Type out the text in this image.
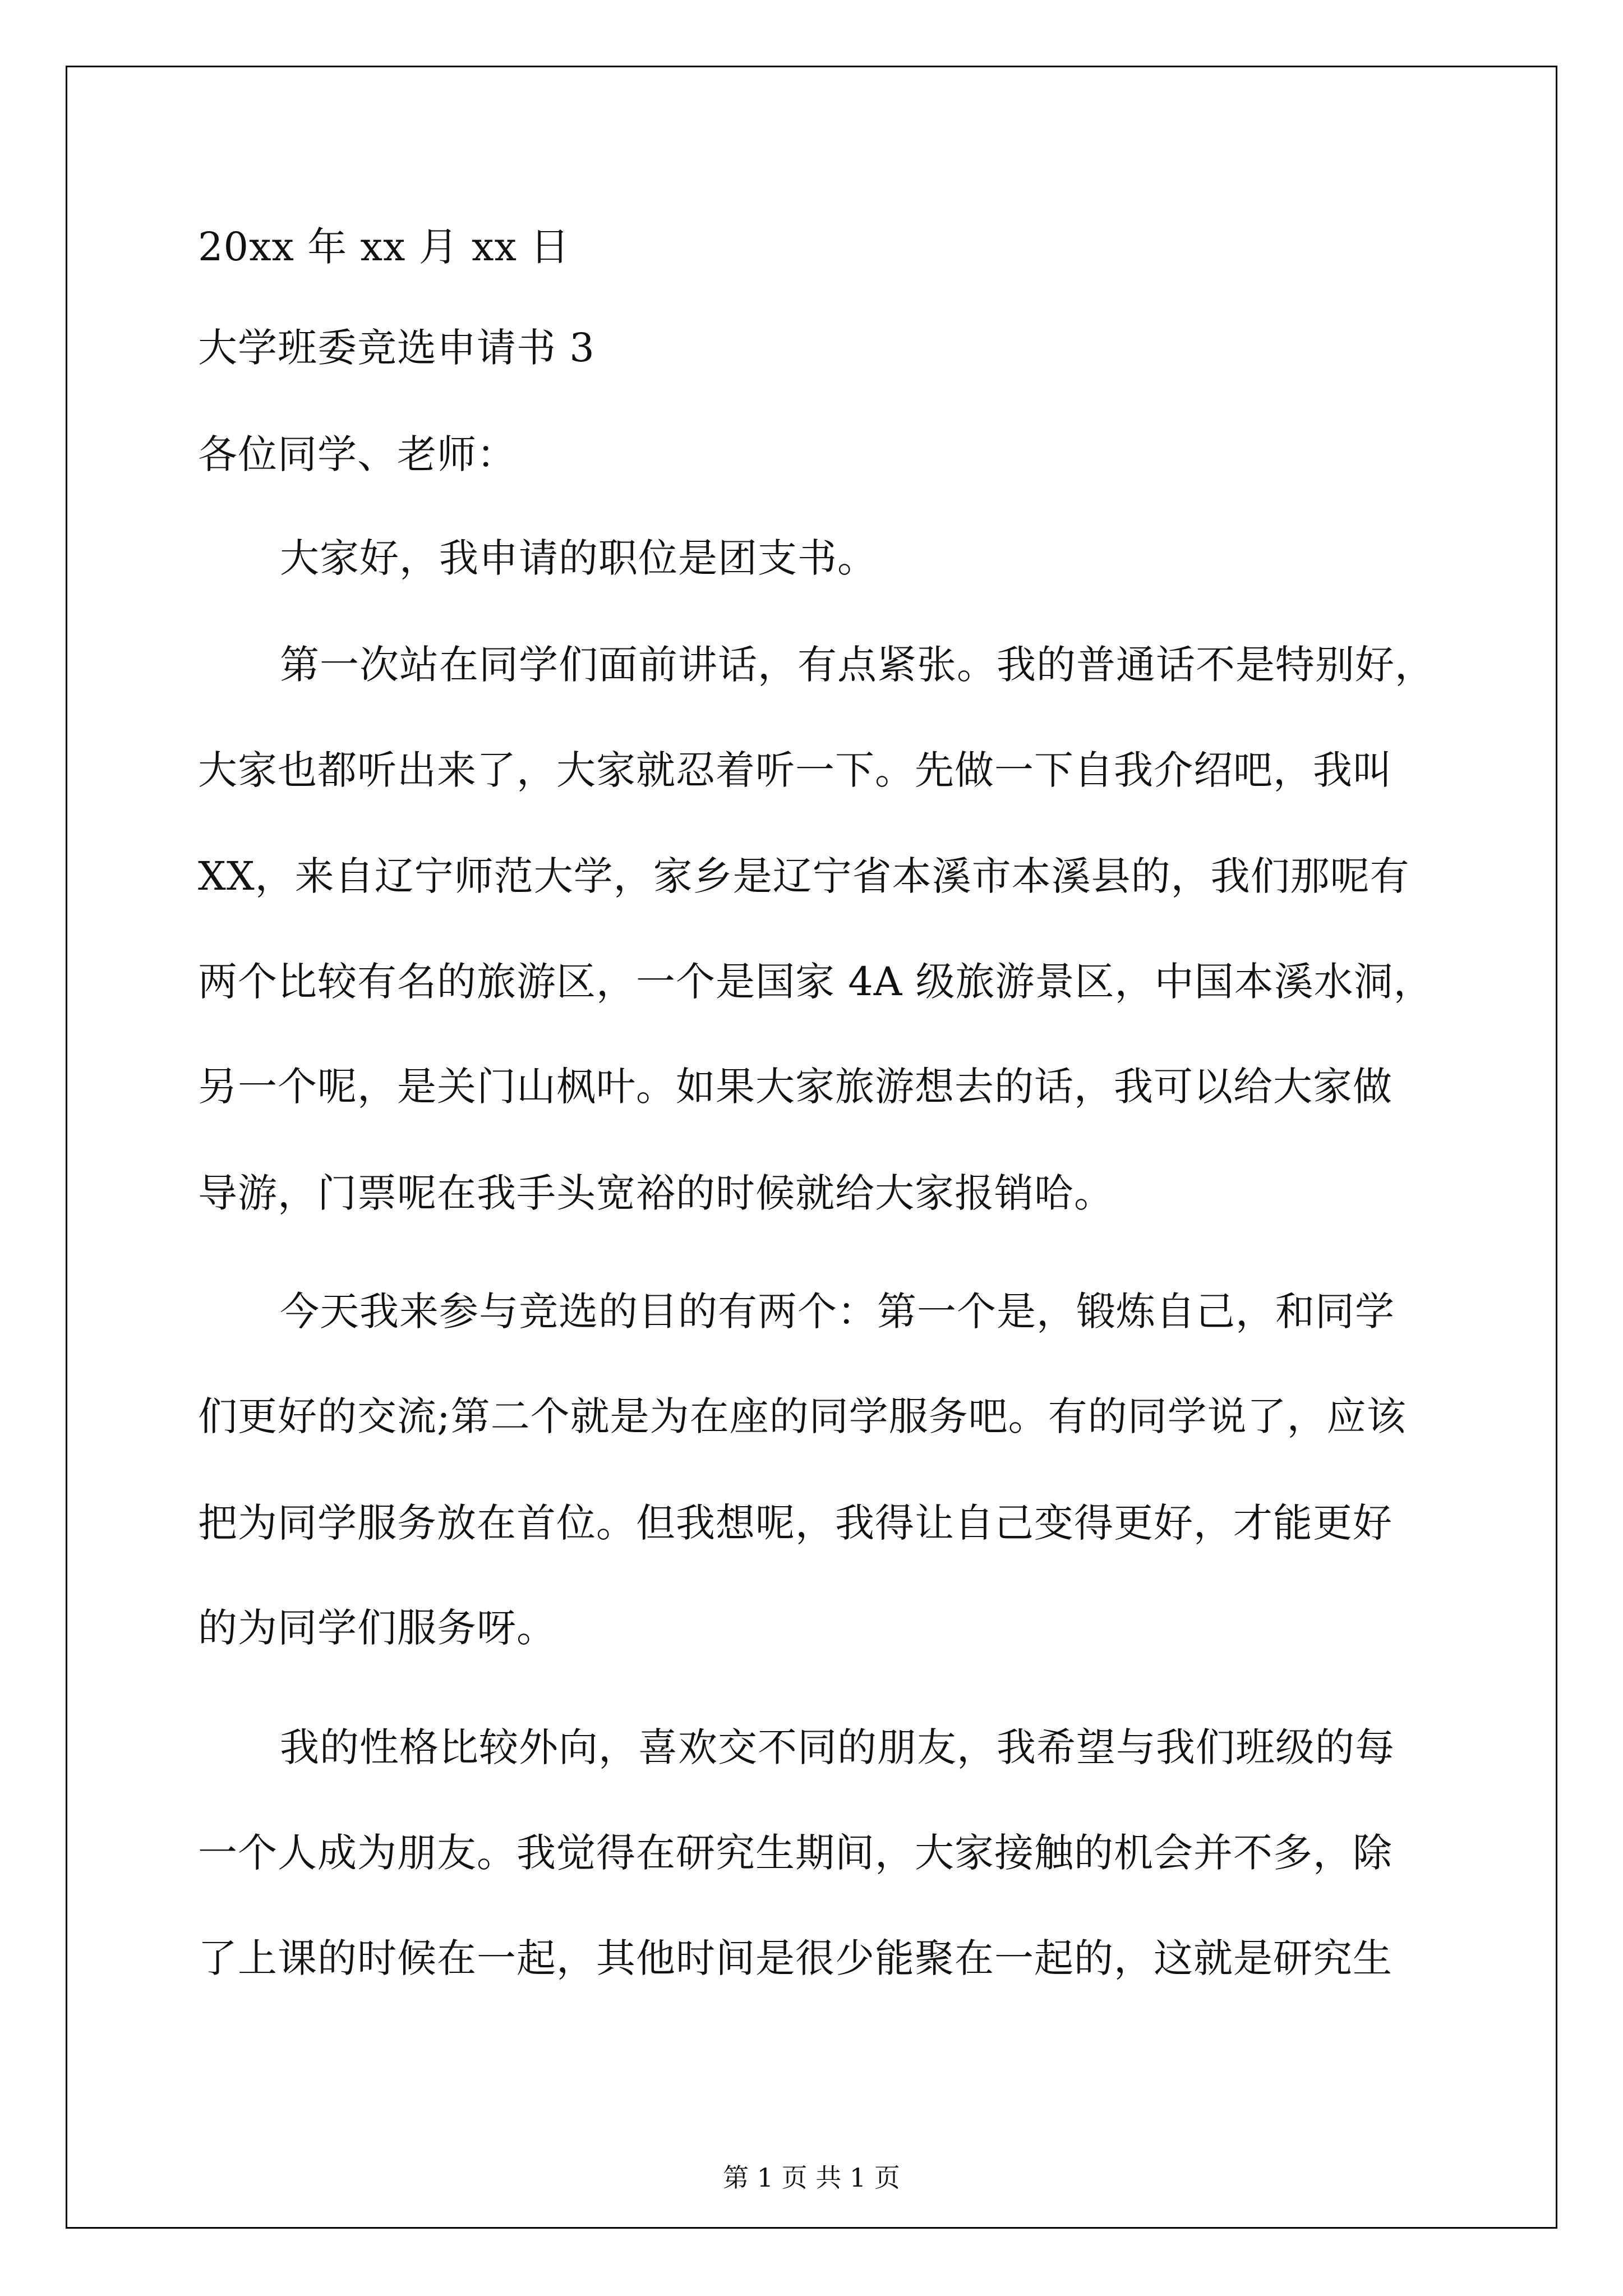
20xx 年 xx 月 xx 日

大学班委竞选申请书 3

各位同学、老师：

大家好，我申请的职位是团支书。

第一次站在同学们面前讲话，有点紧张。我的普通话不是特别好，

大家也都听出来了，大家就忍着听一下。先做一下自我介绍吧，我叫

XX，来自辽宁师范大学，家乡是辽宁省本溪市本溪县的，我们那呢有

两个比较有名的旅游区，一个是国家 4A 级旅游景区，中国本溪水洞，

另一个呢，是关门山枫叶。如果大家旅游想去的话，我可以给大家做

导游，门票呢在我手头宽裕的时候就给大家报销哈。

今天我来参与竞选的目的有两个：第一个是，锻炼自己，和同学

们更好的交流;第二个就是为在座的同学服务吧。有的同学说了，应该

把为同学服务放在首位。但我想呢，我得让自己变得更好，才能更好

的为同学们服务呀。

我的性格比较外向，喜欢交不同的朋友，我希望与我们班级的每

一个人成为朋友。我觉得在研究生期间，大家接触的机会并不多，除

了上课的时候在一起，其他时间是很少能聚在一起的，这就是研究生

第 1 页 共 1 页
